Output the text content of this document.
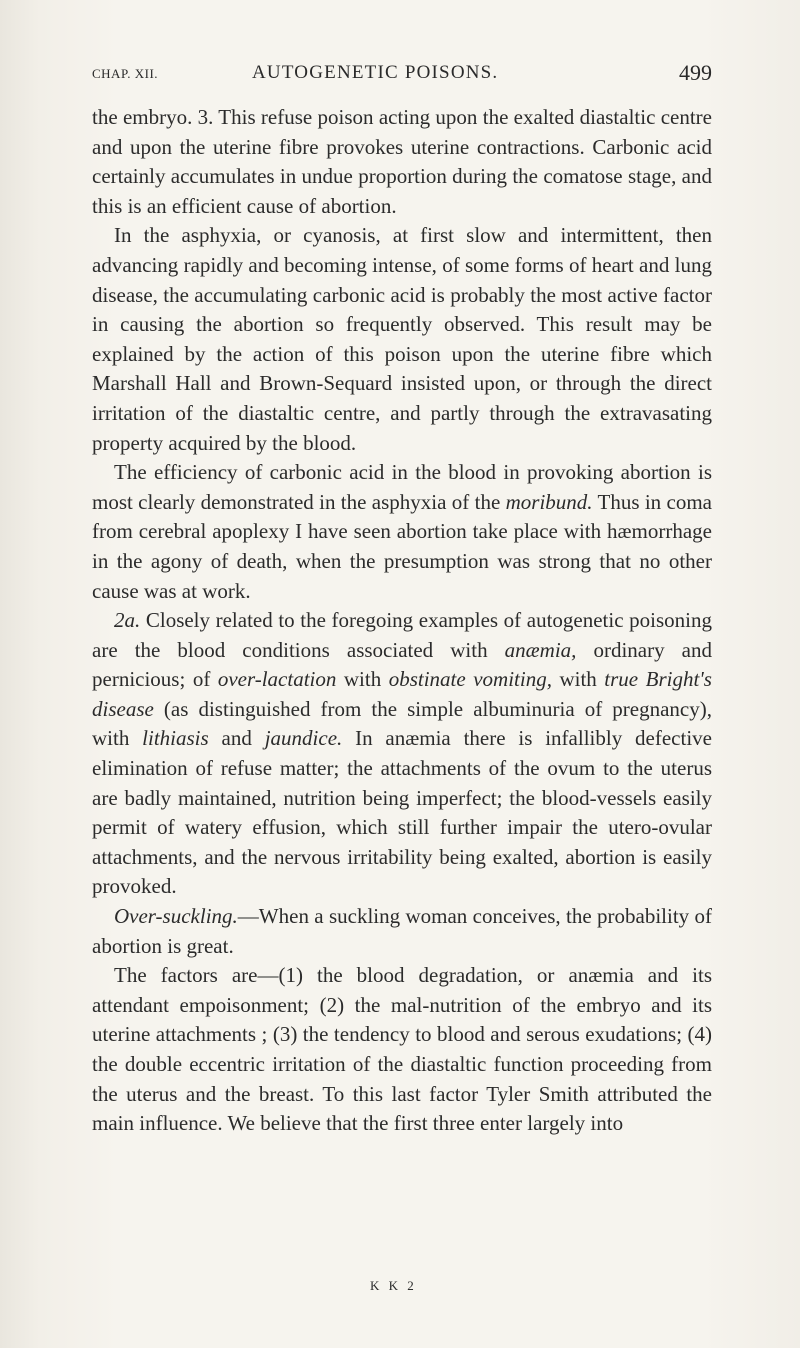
CHAP. XII.	AUTOGENETIC POISONS.	499

the embryo. 3. This refuse poison acting upon the exalted diastaltic centre and upon the uterine fibre provokes uterine contractions. Carbonic acid certainly accumulates in undue proportion during the comatose stage, and this is an efficient cause of abortion.

In the asphyxia, or cyanosis, at first slow and intermittent, then advancing rapidly and becoming intense, of some forms of heart and lung disease, the accumulating carbonic acid is probably the most active factor in causing the abortion so frequently observed. This result may be explained by the action of this poison upon the uterine fibre which Marshall Hall and Brown-Sequard insisted upon, or through the direct irritation of the diastaltic centre, and partly through the extravasating property acquired by the blood.

The efficiency of carbonic acid in the blood in provoking abortion is most clearly demonstrated in the asphyxia of the moribund. Thus in coma from cerebral apoplexy I have seen abortion take place with hæmorrhage in the agony of death, when the presumption was strong that no other cause was at work.

2a. Closely related to the foregoing examples of autogenetic poisoning are the blood conditions associated with anæmia, ordinary and pernicious; of over-lactation with obstinate vomiting, with true Bright's disease (as distinguished from the simple albuminuria of pregnancy), with lithiasis and jaundice. In anæmia there is infallibly defective elimination of refuse matter; the attachments of the ovum to the uterus are badly maintained, nutrition being imperfect; the blood-vessels easily permit of watery effusion, which still further impair the utero-ovular attachments, and the nervous irritability being exalted, abortion is easily provoked.

Over-suckling.—When a suckling woman conceives, the probability of abortion is great.

The factors are—(1) the blood degradation, or anæmia and its attendant empoisonment; (2) the mal-nutrition of the embryo and its uterine attachments ; (3) the tendency to blood and serous exudations; (4) the double eccentric irritation of the diastaltic function proceeding from the uterus and the breast. To this last factor Tyler Smith attributed the main influence. We believe that the first three enter largely into

K K 2
